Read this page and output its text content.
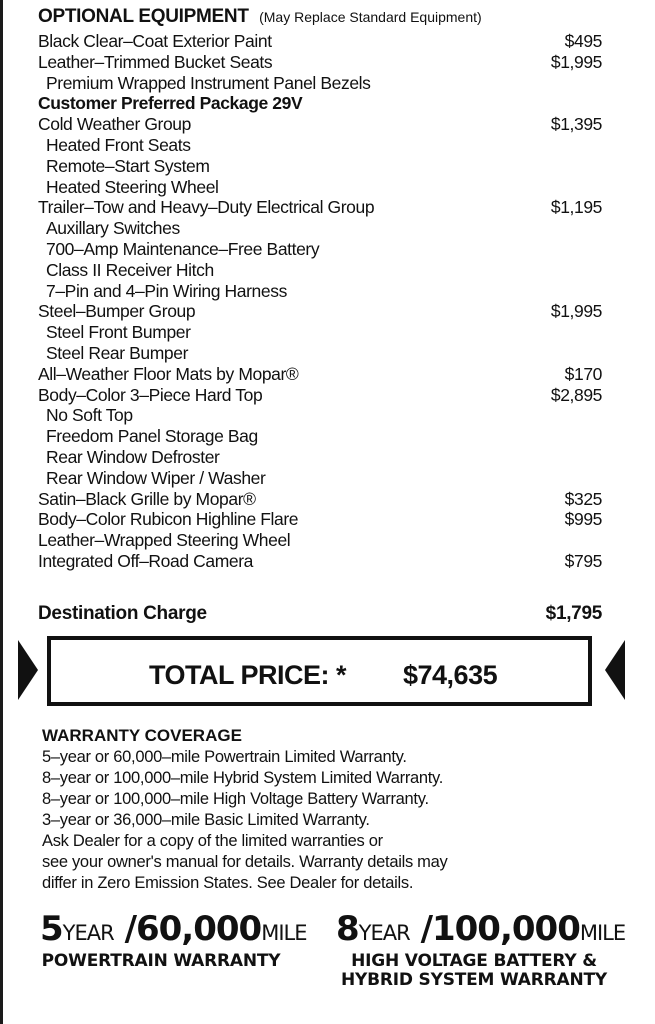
OPTIONAL EQUIPMENT (May Replace Standard Equipment)
Black Clear–Coat Exterior Paint	$495
Leather–Trimmed Bucket Seats	$1,995
Premium Wrapped Instrument Panel Bezels
Customer Preferred Package 29V
Cold Weather Group	$1,395
Heated Front Seats
Remote–Start System
Heated Steering Wheel
Trailer–Tow and Heavy–Duty Electrical Group	$1,195
Auxillary Switches
700–Amp Maintenance–Free Battery
Class II Receiver Hitch
7–Pin and 4–Pin Wiring Harness
Steel–Bumper Group	$1,995
Steel Front Bumper
Steel Rear Bumper
All–Weather Floor Mats by Mopar®	$170
Body–Color 3–Piece Hard Top	$2,895
No Soft Top
Freedom Panel Storage Bag
Rear Window Defroster
Rear Window Wiper / Washer
Satin–Black Grille by Mopar®	$325
Body–Color Rubicon Highline Flare	$995
Leather–Wrapped Steering Wheel
Integrated Off–Road Camera	$795
Destination Charge	$1,795
TOTAL PRICE: * $74,635
WARRANTY COVERAGE
5–year or 60,000–mile Powertrain Limited Warranty.
8–year or 100,000–mile Hybrid System Limited Warranty.
8–year or 100,000–mile High Voltage Battery Warranty.
3–year or 36,000–mile Basic Limited Warranty.
Ask Dealer for a copy of the limited warranties or
see your owner's manual for details. Warranty details may
differ in Zero Emission States. See Dealer for details.
5YEAR /60,000MILE
POWERTRAIN WARRANTY
8YEAR /100,000MILE
HIGH VOLTAGE BATTERY &
HYBRID SYSTEM WARRANTY
